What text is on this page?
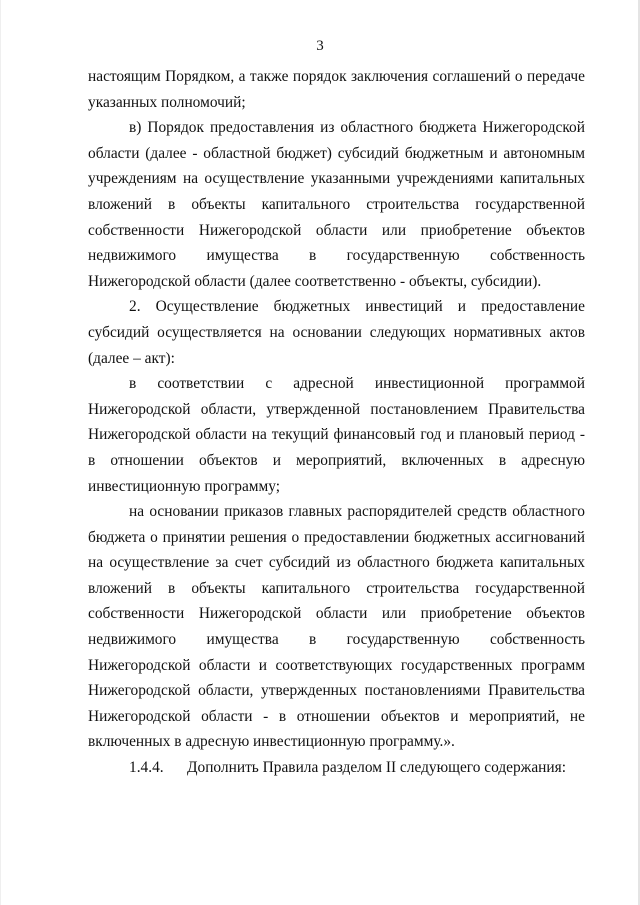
3

настоящим Порядком, а также порядок заключения соглашений о передаче указанных полномочий;

в) Порядок предоставления из областного бюджета Нижегородской области (далее - областной бюджет) субсидий бюджетным и автономным учреждениям на осуществление указанными учреждениями капитальных вложений в объекты капитального строительства государственной собственности Нижегородской области или приобретение объектов недвижимого имущества в государственную собственность Нижегородской области (далее соответственно - объекты, субсидии).

2. Осуществление бюджетных инвестиций и предоставление субсидий осуществляется на основании следующих нормативных актов (далее – акт):

в соответствии с адресной инвестиционной программой Нижегородской области, утвержденной постановлением Правительства Нижегородской области на текущий финансовый год и плановый период - в отношении объектов и мероприятий, включенных в адресную инвестиционную программу;

на основании приказов главных распорядителей средств областного бюджета о принятии решения о предоставлении бюджетных ассигнований на осуществление за счет субсидий из областного бюджета капитальных вложений в объекты капитального строительства государственной собственности Нижегородской области или приобретение объектов недвижимого имущества в государственную собственность Нижегородской области и соответствующих государственных программ Нижегородской области, утвержденных постановлениями Правительства Нижегородской области - в отношении объектов и мероприятий, не включенных в адресную инвестиционную программу.».

1.4.4. Дополнить Правила разделом II следующего содержания:
